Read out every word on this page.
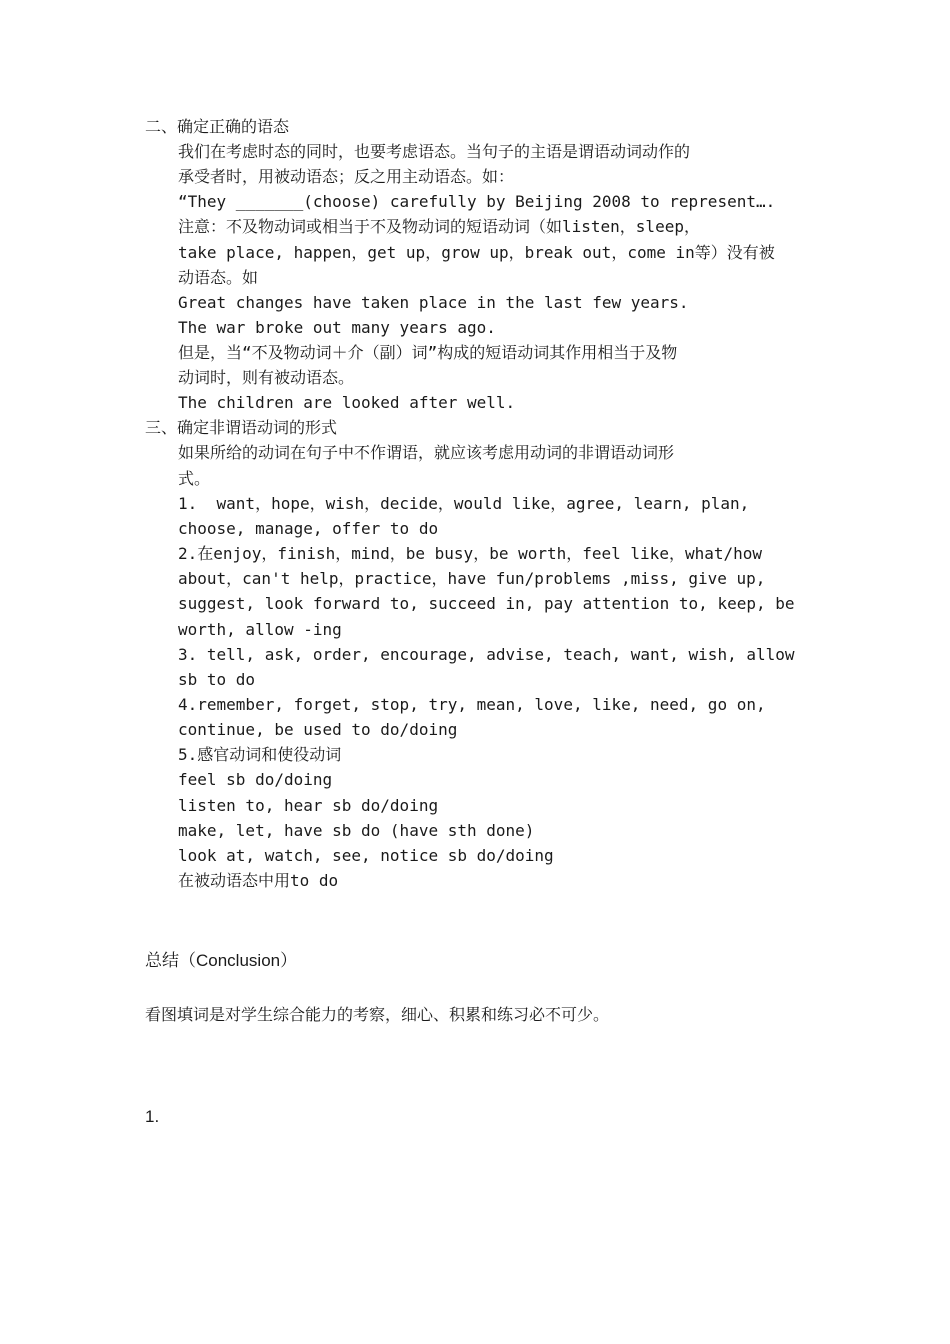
二、确定正确的语态
我们在考虑时态的同时，也要考虑语态。当句子的主语是谓语动词动作的
承受者时，用被动语态；反之用主动语态。如：
“They _______(choose) carefully by Beijing 2008 to represent….
注意：不及物动词或相当于不及物动词的短语动词（如listen，sleep，
take place, happen，get up，grow up，break out，come in等）没有被
动语态。如
Great changes have taken place in the last few years.
The war broke out many years ago.
但是，当“不及物动词＋介（副）词”构成的短语动词其作用相当于及物
动词时，则有被动语态。
The children are looked after well.
三、确定非谓语动词的形式
如果所给的动词在句子中不作谓语，就应该考虑用动词的非谓语动词形
式。
1.  want，hope，wish，decide，would like，agree, learn, plan,
choose, manage, offer to do
2.在enjoy，finish，mind，be busy，be worth，feel like，what/how
about，can't help，practice，have fun/problems ,miss, give up,
suggest, look forward to, succeed in, pay attention to, keep, be
worth, allow -ing
3. tell, ask, order, encourage, advise, teach, want, wish, allow
sb to do
4.remember, forget, stop, try, mean, love, like, need, go on,
continue, be used to do/doing
5.感官动词和使役动词
feel sb do/doing
listen to, hear sb do/doing
make, let, have sb do (have sth done)
look at, watch, see, notice sb do/doing
在被动语态中用to do
总结（Conclusion）
看图填词是对学生综合能力的考察，细心、积累和练习必不可少。
1.
